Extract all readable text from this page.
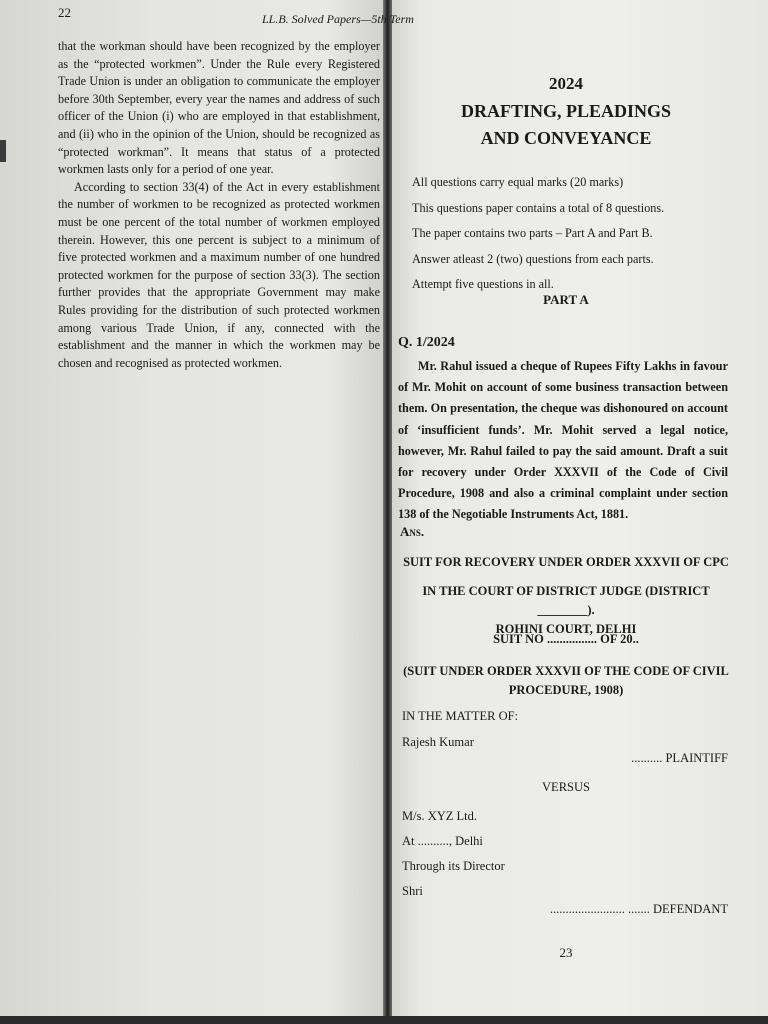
22	LL.B. Solved Papers—5th Term

that the workman should have been recognized by the employer as the “protected workmen”. Under the Rule every Registered Trade Union is under an obligation to communicate the employer before 30th September, every year the names and address of such officer of the Union (i) who are employed in that establishment, and (ii) who in the opinion of the Union, should be recognized as “protected workman”. It means that status of a protected workmen lasts only for a period of one year.

According to section 33(4) of the Act in every establishment the number of workmen to be recognized as protected workmen must be one percent of the total number of workmen employed therein. However, this one percent is subject to a minimum of five protected workmen and a maximum number of one hundred protected workmen for the purpose of section 33(3). The section further provides that the appropriate Government may make Rules providing for the distribution of such protected workmen among various Trade Union, if any, connected with the establishment and the manner in which the workmen may be chosen and recognised as protected workmen.

2024
DRAFTING, PLEADINGS
AND CONVEYANCE
All questions carry equal marks (20 marks)
This questions paper contains a total of 8 questions.
The paper contains two parts – Part A and Part B.
Answer atleast 2 (two) questions from each parts.
Attempt five questions in all.
PART A
Q. 1/2024
Mr. Rahul issued a cheque of Rupees Fifty Lakhs in favour of Mr. Mohit on account of some business transaction between them. On presentation, the cheque was dishonoured on account of ‘insufficient funds’. Mr. Mohit served a legal notice, however, Mr. Rahul failed to pay the said amount. Draft a suit for recovery under Order XXXVII of the Code of Civil Procedure, 1908 and also a criminal complaint under section 138 of the Negotiable Instruments Act, 1881.
Ans.
SUIT FOR RECOVERY UNDER ORDER XXXVII OF CPC
IN THE COURT OF DISTRICT JUDGE (DISTRICT ________).
ROHINI COURT, DELHI
SUIT NO ................ OF 20..
(SUIT UNDER ORDER XXXVII OF THE CODE OF CIVIL
PROCEDURE, 1908)
IN THE MATTER OF:
Rajesh Kumar
.......... PLAINTIFF
VERSUS
M/s. XYZ Ltd.
At .........., Delhi
Through its Director
Shri
........................ ....... DEFENDANT
23
